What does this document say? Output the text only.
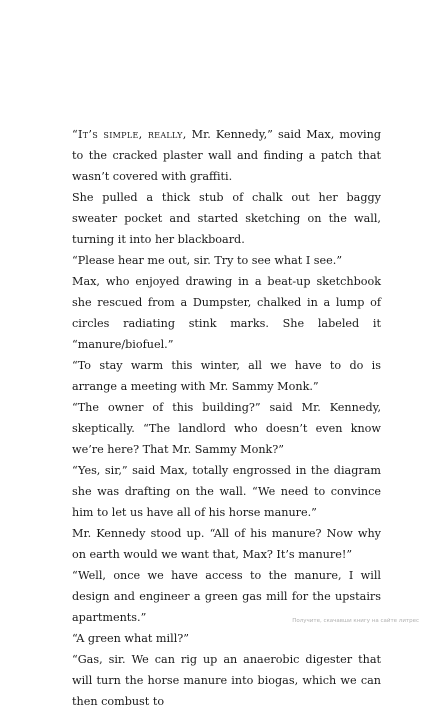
“It’s simple, really, Mr. Kennedy,” said Max, moving to the cracked plaster wall and finding a patch that wasn’t covered with graffiti.

She pulled a thick stub of chalk out her baggy sweater pocket and started sketching on the wall, turning it into her blackboard.

“Please hear me out, sir. Try to see what I see.”

Max, who enjoyed drawing in a beat-up sketchbook she rescued from a Dumpster, chalked in a lump of circles radiating stink marks. She labeled it “manure/biofuel.”

“To stay warm this winter, all we have to do is arrange a meeting with Mr. Sammy Monk.”

“The owner of this building?” said Mr. Kennedy, skeptically. “The landlord who doesn’t even know we’re here? That Mr. Sammy Monk?”

“Yes, sir,” said Max, totally engrossed in the diagram she was drafting on the wall. “We need to convince him to let us have all of his horse manure.”

Mr. Kennedy stood up. “All of his manure? Now why on earth would we want that, Max? It’s manure!”

“Well, once we have access to the manure, I will design and engineer a green gas mill for the upstairs apartments.”

“A green what mill?”

“Gas, sir. We can rig up an anaerobic digester that will turn the horse manure into biogas, which we can then combust to

Получите, скачавши книгу на сайте литрес
